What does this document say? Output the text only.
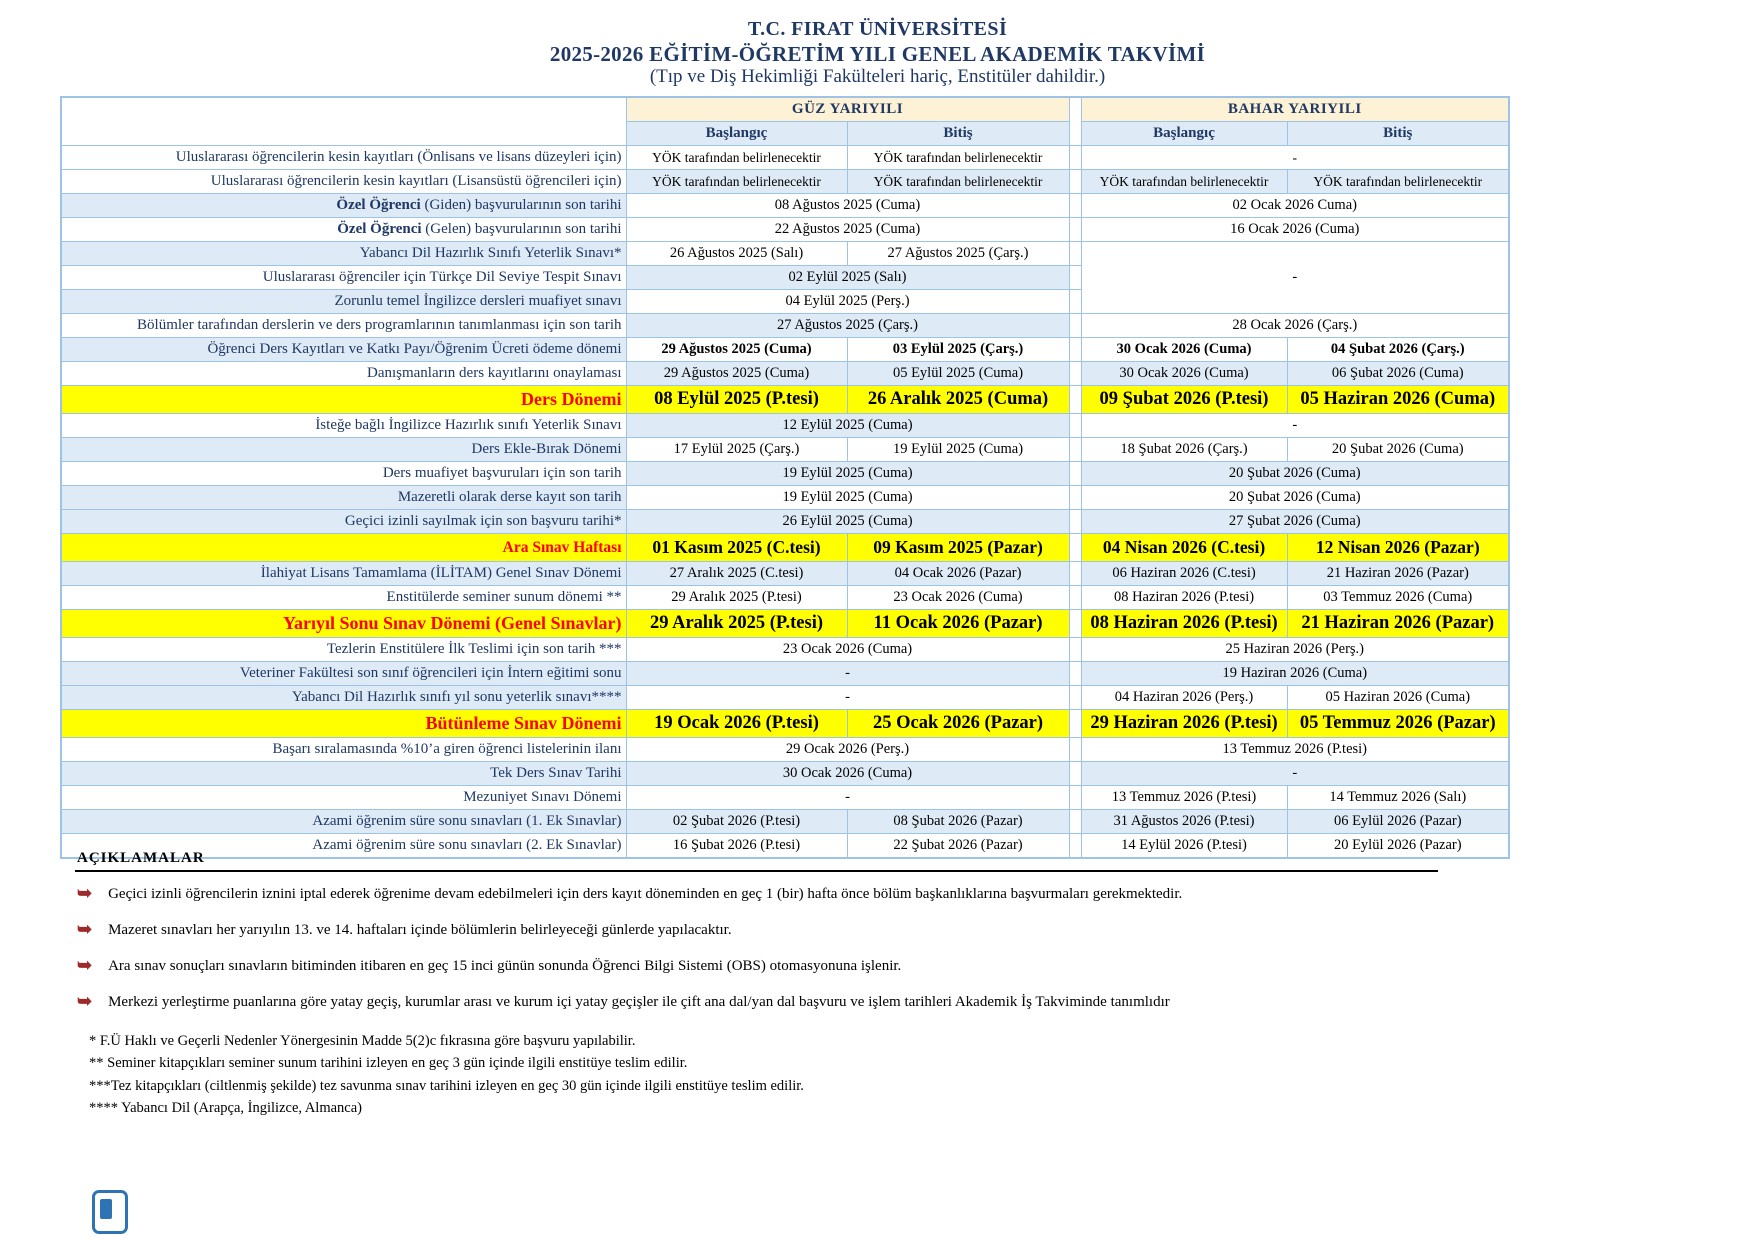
T.C. FIRAT ÜNİVERSİTESİ
2025-2026 EĞİTİM-ÖĞRETİM YILI GENEL AKADEMİK TAKVİMİ
(Tıp ve Diş Hekimliği Fakülteleri hariç, Enstitüler dahildir.)
	GÜZ YARIYILI			BAHAR YARIYILI	
	Başlangıç	Bitiş		Başlangıç	Bitiş
Uluslararası öğrencilerin kesin kayıtları (Önlisans ve lisans düzeyleri için)	YÖK tarafından belirlenecektir	YÖK tarafından belirlenecektir		-	
Uluslararası öğrencilerin kesin kayıtları (Lisansüstü öğrencileri için)	YÖK tarafından belirlenecektir	YÖK tarafından belirlenecektir		YÖK tarafından belirlenecektir	YÖK tarafından belirlenecektir
Özel Öğrenci (Giden) başvurularının son tarihi	08 Ağustos 2025 (Cuma)			02 Ocak 2026 Cuma)	
Özel Öğrenci (Gelen) başvurularının son tarihi	22 Ağustos 2025 (Cuma)			16 Ocak 2026 (Cuma)	
Yabancı Dil Hazırlık Sınıfı Yeterlik Sınavı*	26 Ağustos 2025 (Salı)	27 Ağustos 2025 (Çarş.)		-	
Uluslararası öğrenciler için Türkçe Dil Seviye Tespit Sınavı	02 Eylül 2025 (Salı)				
Zorunlu temel İngilizce dersleri muafiyet sınavı	04 Eylül 2025 (Perş.)				
Bölümler tarafından derslerin ve ders programlarının tanımlanması için son tarih	27 Ağustos 2025 (Çarş.)			28 Ocak 2026 (Çarş.)	
Öğrenci Ders Kayıtları ve Katkı Payı/Öğrenim Ücreti ödeme dönemi	29 Ağustos 2025 (Cuma)	03 Eylül 2025 (Çarş.)		30 Ocak 2026 (Cuma)	04 Şubat 2026 (Çarş.)
Danışmanların ders kayıtlarını onaylaması	29 Ağustos 2025 (Cuma)	05 Eylül 2025 (Cuma)		30 Ocak 2026 (Cuma)	06 Şubat 2026 (Cuma)
Ders Dönemi	08 Eylül 2025 (P.tesi)	26 Aralık 2025 (Cuma)		09 Şubat 2026 (P.tesi)	05 Haziran 2026 (Cuma)
İsteğe bağlı İngilizce Hazırlık sınıfı Yeterlik Sınavı	12 Eylül 2025 (Cuma)			-	
Ders Ekle-Bırak Dönemi	17 Eylül 2025 (Çarş.)	19 Eylül 2025 (Cuma)		18 Şubat 2026 (Çarş.)	20 Şubat 2026 (Cuma)
Ders muafiyet başvuruları için son tarih	19 Eylül 2025 (Cuma)			20 Şubat 2026 (Cuma)	
Mazeretli olarak derse kayıt son tarih	19 Eylül 2025 (Cuma)			20 Şubat 2026 (Cuma)	
Geçici izinli sayılmak için son başvuru tarihi*	26 Eylül 2025 (Cuma)			27 Şubat 2026 (Cuma)	
Ara Sınav Haftası	01 Kasım 2025 (C.tesi)	09 Kasım 2025 (Pazar)		04 Nisan 2026 (C.tesi)	12 Nisan 2026 (Pazar)
İlahiyat Lisans Tamamlama (İLİTAM) Genel Sınav Dönemi	27 Aralık 2025 (C.tesi)	04 Ocak 2026 (Pazar)		06 Haziran 2026 (C.tesi)	21 Haziran 2026 (Pazar)
Enstitülerde seminer sunum dönemi **	29 Aralık 2025 (P.tesi)	23 Ocak 2026 (Cuma)		08 Haziran 2026 (P.tesi)	03 Temmuz 2026 (Cuma)
Yarıyıl Sonu Sınav Dönemi (Genel Sınavlar)	29 Aralık 2025 (P.tesi)	11 Ocak 2026 (Pazar)		08 Haziran 2026 (P.tesi)	21 Haziran 2026 (Pazar)
Tezlerin Enstitülere İlk Teslimi için son tarih ***	23 Ocak 2026 (Cuma)			25 Haziran 2026 (Perş.)	
Veteriner Fakültesi son sınıf öğrencileri için İntern eğitimi sonu	-			19 Haziran 2026 (Cuma)	
Yabancı Dil Hazırlık sınıfı yıl sonu yeterlik sınavı****	-			04 Haziran 2026 (Perş.)	05 Haziran 2026 (Cuma)
Bütünleme Sınav Dönemi	19 Ocak 2026 (P.tesi)	25 Ocak 2026 (Pazar)		29 Haziran 2026 (P.tesi)	05 Temmuz 2026 (Pazar)
Başarı sıralamasında %10’a giren öğrenci listelerinin ilanı	29 Ocak 2026 (Perş.)			13 Temmuz 2026 (P.tesi)	
Tek Ders Sınav Tarihi	30 Ocak 2026 (Cuma)			-	
Mezuniyet Sınavı Dönemi	-			13 Temmuz 2026 (P.tesi)	14 Temmuz 2026 (Salı)
Azami öğrenim süre sonu sınavları (1. Ek Sınavlar)	02 Şubat 2026 (P.tesi)	08 Şubat 2026 (Pazar)		31 Ağustos 2026 (P.tesi)	06 Eylül 2026 (Pazar)
Azami öğrenim süre sonu sınavları (2. Ek Sınavlar)	16 Şubat 2026 (P.tesi)	22 Şubat 2026 (Pazar)		14 Eylül 2026 (P.tesi)	20 Eylül 2026 (Pazar)
AÇIKLAMALAR
➥ Geçici izinli öğrencilerin iznini iptal ederek öğrenime devam edebilmeleri için ders kayıt döneminden en geç 1 (bir) hafta önce bölüm başkanlıklarına başvurmaları gerekmektedir.
➥ Mazeret sınavları her yarıyılın 13. ve 14. haftaları içinde bölümlerin belirleyeceği günlerde yapılacaktır.
➥ Ara sınav sonuçları sınavların bitiminden itibaren en geç 15 inci günün sonunda Öğrenci Bilgi Sistemi (OBS) otomasyonuna işlenir.
➥ Merkezi yerleştirme puanlarına göre yatay geçiş, kurumlar arası ve kurum içi yatay geçişler ile çift ana dal/yan dal başvuru ve işlem tarihleri Akademik İş Takviminde tanımlıdır
* F.Ü Haklı ve Geçerli Nedenler Yönergesinin Madde 5(2)c fıkrasına göre başvuru yapılabilir.
** Seminer kitapçıkları seminer sunum tarihini izleyen en geç 3 gün içinde ilgili enstitüye teslim edilir.
***Tez kitapçıkları (ciltlenmiş şekilde) tez savunma sınav tarihini izleyen en geç 30 gün içinde ilgili enstitüye teslim edilir.
**** Yabancı Dil (Arapça, İngilizce, Almanca)
